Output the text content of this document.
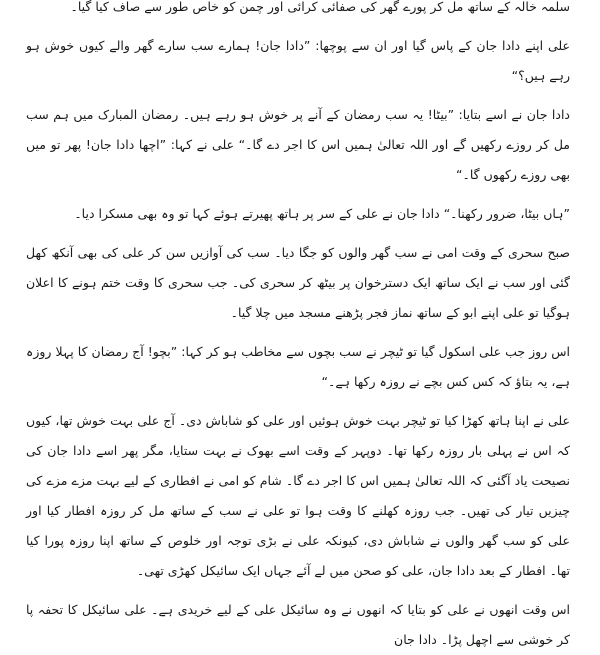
سلمہ خالہ کے ساتھ مل کر پورے گھر کی صفائی کرائی اور چمن کو خاص طور سے صاف کیا گیا۔

علی اپنے دادا جان کے پاس گیا اور ان سے پوچھا: ”دادا جان! ہمارے سب سارے گھر والے کیوں خوش ہو رہے ہیں؟“

دادا جان نے اسے بتایا: ”بیٹا! یہ سب رمضان کے آنے پر خوش ہو رہے ہیں۔ رمضان المبارک میں ہم سب مل کر روزے رکھیں گے اور اللہ تعالیٰ ہمیں اس کا اجر دے گا۔“ علی نے کہا: ”اچھا دادا جان! پھر تو میں بھی روزے رکھوں گا۔“

”ہاں بیٹا، ضرور رکھنا۔“ دادا جان نے علی کے سر پر ہاتھ پھیرتے ہوئے کہا تو وہ بھی مسکرا دیا۔

صبح سحری کے وقت امی نے سب گھر والوں کو جگا دیا۔ سب کی آوازیں سن کر علی کی بھی آنکھ کھل گئی اور سب نے ایک ساتھ ایک دسترخوان پر بیٹھ کر سحری کی۔ جب سحری کا وقت ختم ہونے کا اعلان ہوگیا تو علی اپنے ابو کے ساتھ نماز فجر پڑھنے مسجد میں چلا گیا۔

اس روز جب علی اسکول گیا تو ٹیچر نے سب بچوں سے مخاطب ہو کر کہا: ”بچو! آج رمضان کا پہلا روزہ ہے، یہ بتاؤ کہ کس کس بچے نے روزہ رکھا ہے۔“

علی نے اپنا ہاتھ کھڑا کیا تو ٹیچر بہت خوش ہوئیں اور علی کو شاباش دی۔ آج علی بہت خوش تھا، کیوں کہ اس نے پہلی بار روزہ رکھا تھا۔ دوپہر کے وقت اسے بھوک نے بہت ستایا، مگر پھر اسے دادا جان کی نصیحت یاد آگئی کہ اللہ تعالیٰ ہمیں اس کا اجر دے گا۔ شام کو امی نے افطاری کے لیے بہت مزے مزے کی چیزیں تیار کی تھیں۔ جب روزہ کھلنے کا وقت ہوا تو علی نے سب کے ساتھ مل کر روزہ افطار کیا اور علی کو سب گھر والوں نے شاباش دی، کیونکہ علی نے بڑی توجہ اور خلوص کے ساتھ اپنا روزہ پورا کیا تھا۔ افطار کے بعد دادا جان، علی کو صحن میں لے آئے جہاں ایک سائیکل کھڑی تھی۔

اس وقت انھوں نے علی کو بتایا کہ انھوں نے وہ سائیکل علی کے لیے خریدی ہے۔ علی سائیکل کا تحفہ پا کر خوشی سے اچھل پڑا۔ دادا جان
